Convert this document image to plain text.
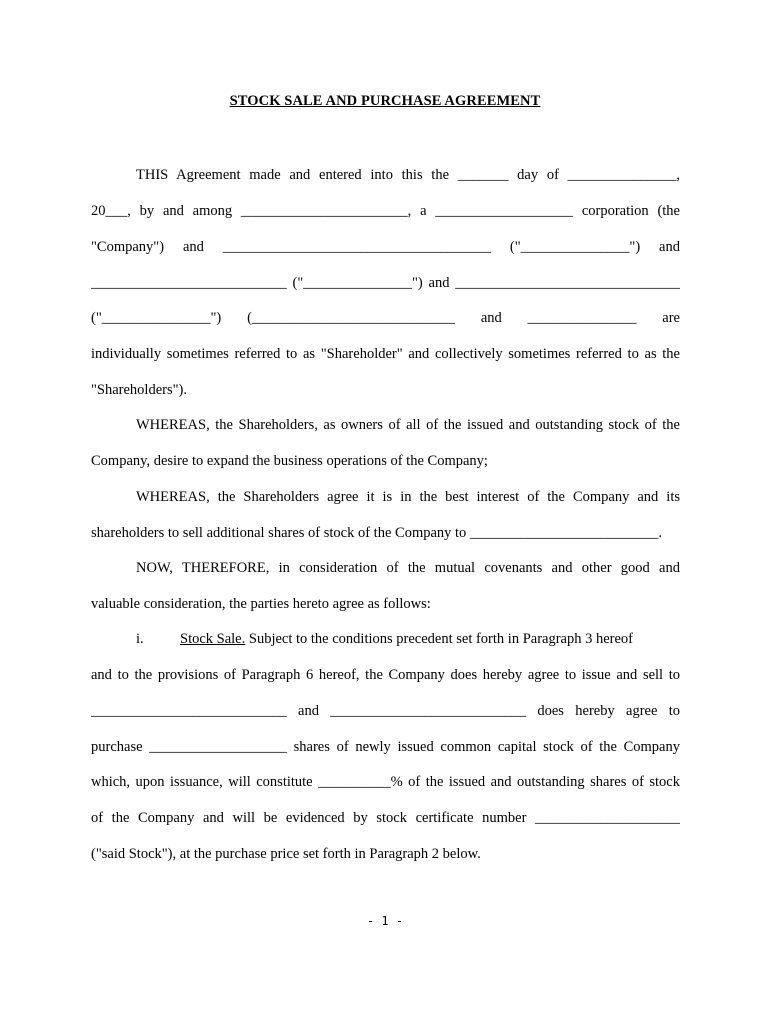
STOCK SALE AND PURCHASE AGREEMENT
THIS Agreement made and entered into this the _______ day of _______________,
20___, by and among _______________________, a ___________________ corporation (the
"Company") and _____________________________________ ("_______________") and
___________________________ ("_______________") and _______________________________
("_______________") (____________________________ and _______________ are
individually sometimes referred to as "Shareholder" and collectively sometimes referred to as the
"Shareholders").
WHEREAS, the Shareholders, as owners of all of the issued and outstanding stock of the
Company, desire to expand the business operations of the Company;
WHEREAS, the Shareholders agree it is in the best interest of the Company and its
shareholders to sell additional shares of stock of the Company to __________________________.
NOW, THEREFORE, in consideration of the mutual covenants and other good and
valuable consideration, the parties hereto agree as follows:
i.	Stock Sale. Subject to the conditions precedent set forth in Paragraph 3 hereof
and to the provisions of Paragraph 6 hereof, the Company does hereby agree to issue and sell to
___________________________ and ___________________________ does hereby agree to
purchase ___________________ shares of newly issued common capital stock of the Company
which, upon issuance, will constitute __________% of the issued and outstanding shares of stock
of the Company and will be evidenced by stock certificate number ____________________
("said Stock"), at the purchase price set forth in Paragraph 2 below.
- 1 -
